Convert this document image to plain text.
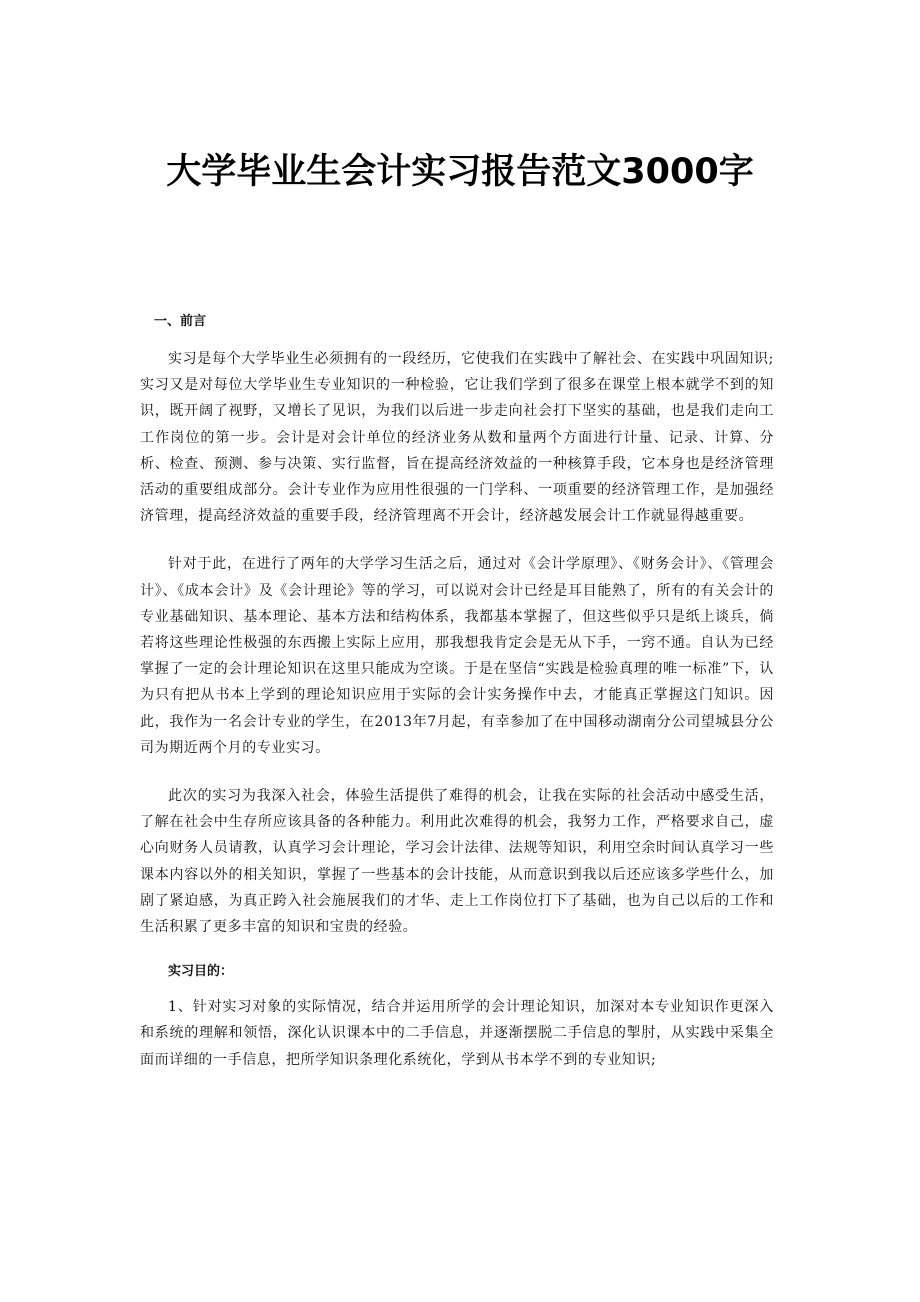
大学毕业生会计实习报告范文3000字

一、前言

实习是每个大学毕业生必须拥有的一段经历，它使我们在实践中了解社会、在实践中巩固知识;实习又是对每位大学毕业生专业知识的一种检验，它让我们学到了很多在课堂上根本就学不到的知识，既开阔了视野，又增长了见识，为我们以后进一步走向社会打下坚实的基础，也是我们走向工工作岗位的第一步。会计是对会计单位的经济业务从数和量两个方面进行计量、记录、计算、分析、检查、预测、参与决策、实行监督，旨在提高经济效益的一种核算手段，它本身也是经济管理活动的重要组成部分。会计专业作为应用性很强的一门学科、一项重要的经济管理工作，是加强经济管理，提高经济效益的重要手段，经济管理离不开会计，经济越发展会计工作就显得越重要。

针对于此，在进行了两年的大学学习生活之后，通过对《会计学原理》、《财务会计》、《管理会计》、《成本会计》及《会计理论》等的学习，可以说对会计已经是耳目能熟了，所有的有关会计的专业基础知识、基本理论、基本方法和结构体系，我都基本掌握了，但这些似乎只是纸上谈兵，倘若将这些理论性极强的东西搬上实际上应用，那我想我肯定会是无从下手，一窍不通。自认为已经掌握了一定的会计理论知识在这里只能成为空谈。于是在坚信“实践是检验真理的唯一标准”下，认为只有把从书本上学到的理论知识应用于实际的会计实务操作中去，才能真正掌握这门知识。因此，我作为一名会计专业的学生，在2013年7月起，有幸参加了在中国移动湖南分公司望城县分公司为期近两个月的专业实习。

此次的实习为我深入社会，体验生活提供了难得的机会，让我在实际的社会活动中感受生活，了解在社会中生存所应该具备的各种能力。利用此次难得的机会，我努力工作，严格要求自己，虚心向财务人员请教，认真学习会计理论，学习会计法律、法规等知识，利用空余时间认真学习一些课本内容以外的相关知识，掌握了一些基本的会计技能，从而意识到我以后还应该多学些什么，加剧了紧迫感，为真正跨入社会施展我们的才华、走上工作岗位打下了基础，也为自己以后的工作和生活积累了更多丰富的知识和宝贵的经验。

实习目的：

1、针对实习对象的实际情况，结合并运用所学的会计理论知识，加深对本专业知识作更深入和系统的理解和领悟，深化认识课本中的二手信息，并逐渐摆脱二手信息的掣肘，从实践中采集全面而详细的一手信息，把所学知识条理化系统化，学到从书本学不到的专业知识;
